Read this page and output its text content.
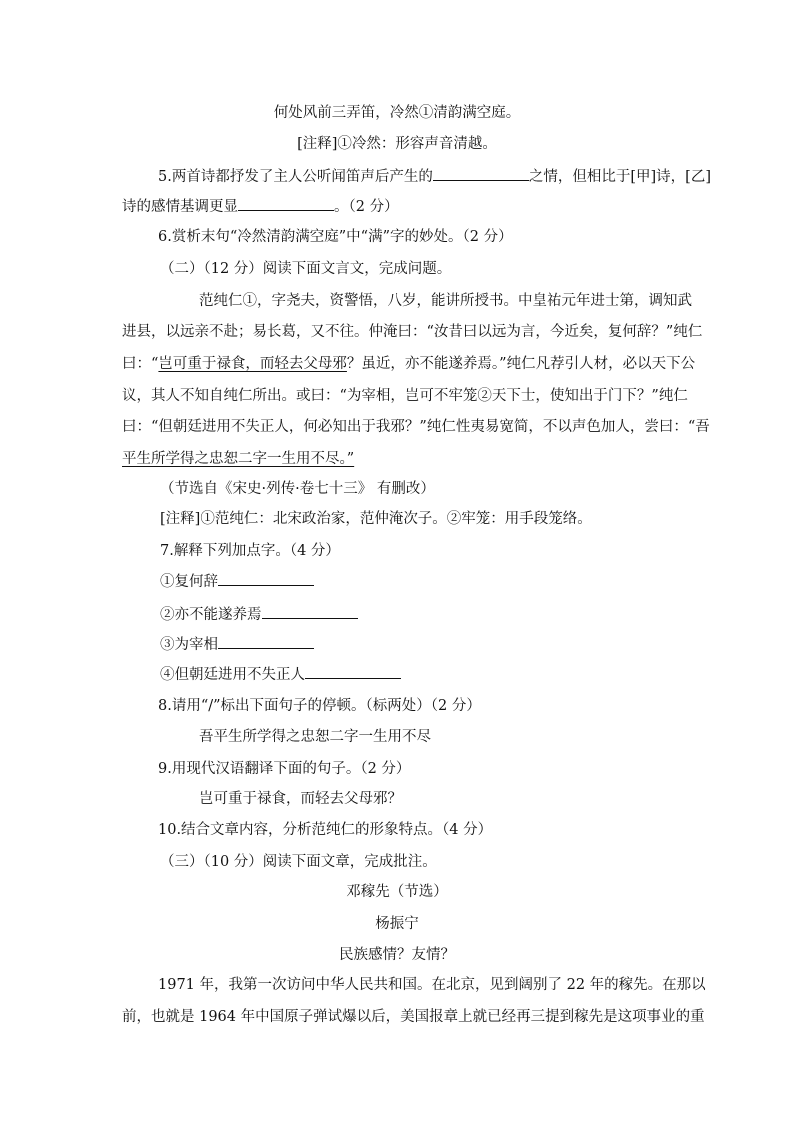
何处风前三弄笛，冷然①清韵满空庭。
[注释]①冷然：形容声音清越。
5.两首诗都抒发了主人公听闻笛声后产生的	之情，但相比于[甲]诗，[乙]
诗的感情基调更显	。（2 分）
6.赏析末句“冷然清韵满空庭”中“满”字的妙处。（2 分）
（二）（12 分）阅读下面文言文，完成问题。
范纯仁①，字尧夫，资警悟，八岁，能讲所授书。中皇祐元年进士第，调知武
进县，以远亲不赴；易长葛，又不往。仲淹曰：“汝昔曰以远为言，今近矣，复何辞？”纯仁
曰：“岂可重于禄食，而轻去父母邪？虽近，亦不能遂养焉。”纯仁凡荐引人材，必以天下公
议，其人不知自纯仁所出。或曰：“为宰相，岂可不牢笼②天下士，使知出于门下？”纯仁
曰：“但朝廷进用不失正人，何必知出于我邪？”纯仁性夷易宽简，不以声色加人，尝曰：“吾
平生所学得之忠恕二字一生用不尽。”
（节选自《宋史·列传·卷七十三》 有删改）
[注释]①范纯仁：北宋政治家，范仲淹次子。②牢笼：用手段笼络。
7.解释下列加点字。（4 分）
①复何辞
②亦不能遂养焉
③为宰相
④但朝廷进用不失正人
8.请用“/”标出下面句子的停顿。（标两处）（2 分）
吾平生所学得之忠恕二字一生用不尽
9.用现代汉语翻译下面的句子。（2 分）
岂可重于禄食，而轻去父母邪？
10.结合文章内容，分析范纯仁的形象特点。（4 分）
（三）（10 分）阅读下面文章，完成批注。
邓稼先（节选）
杨振宁
民族感情？友情？
1971 年，我第一次访问中华人民共和国。在北京，见到阔别了 22 年的稼先。在那以
前，也就是 1964 年中国原子弹试爆以后，美国报章上就已经再三提到稼先是这项事业的重
